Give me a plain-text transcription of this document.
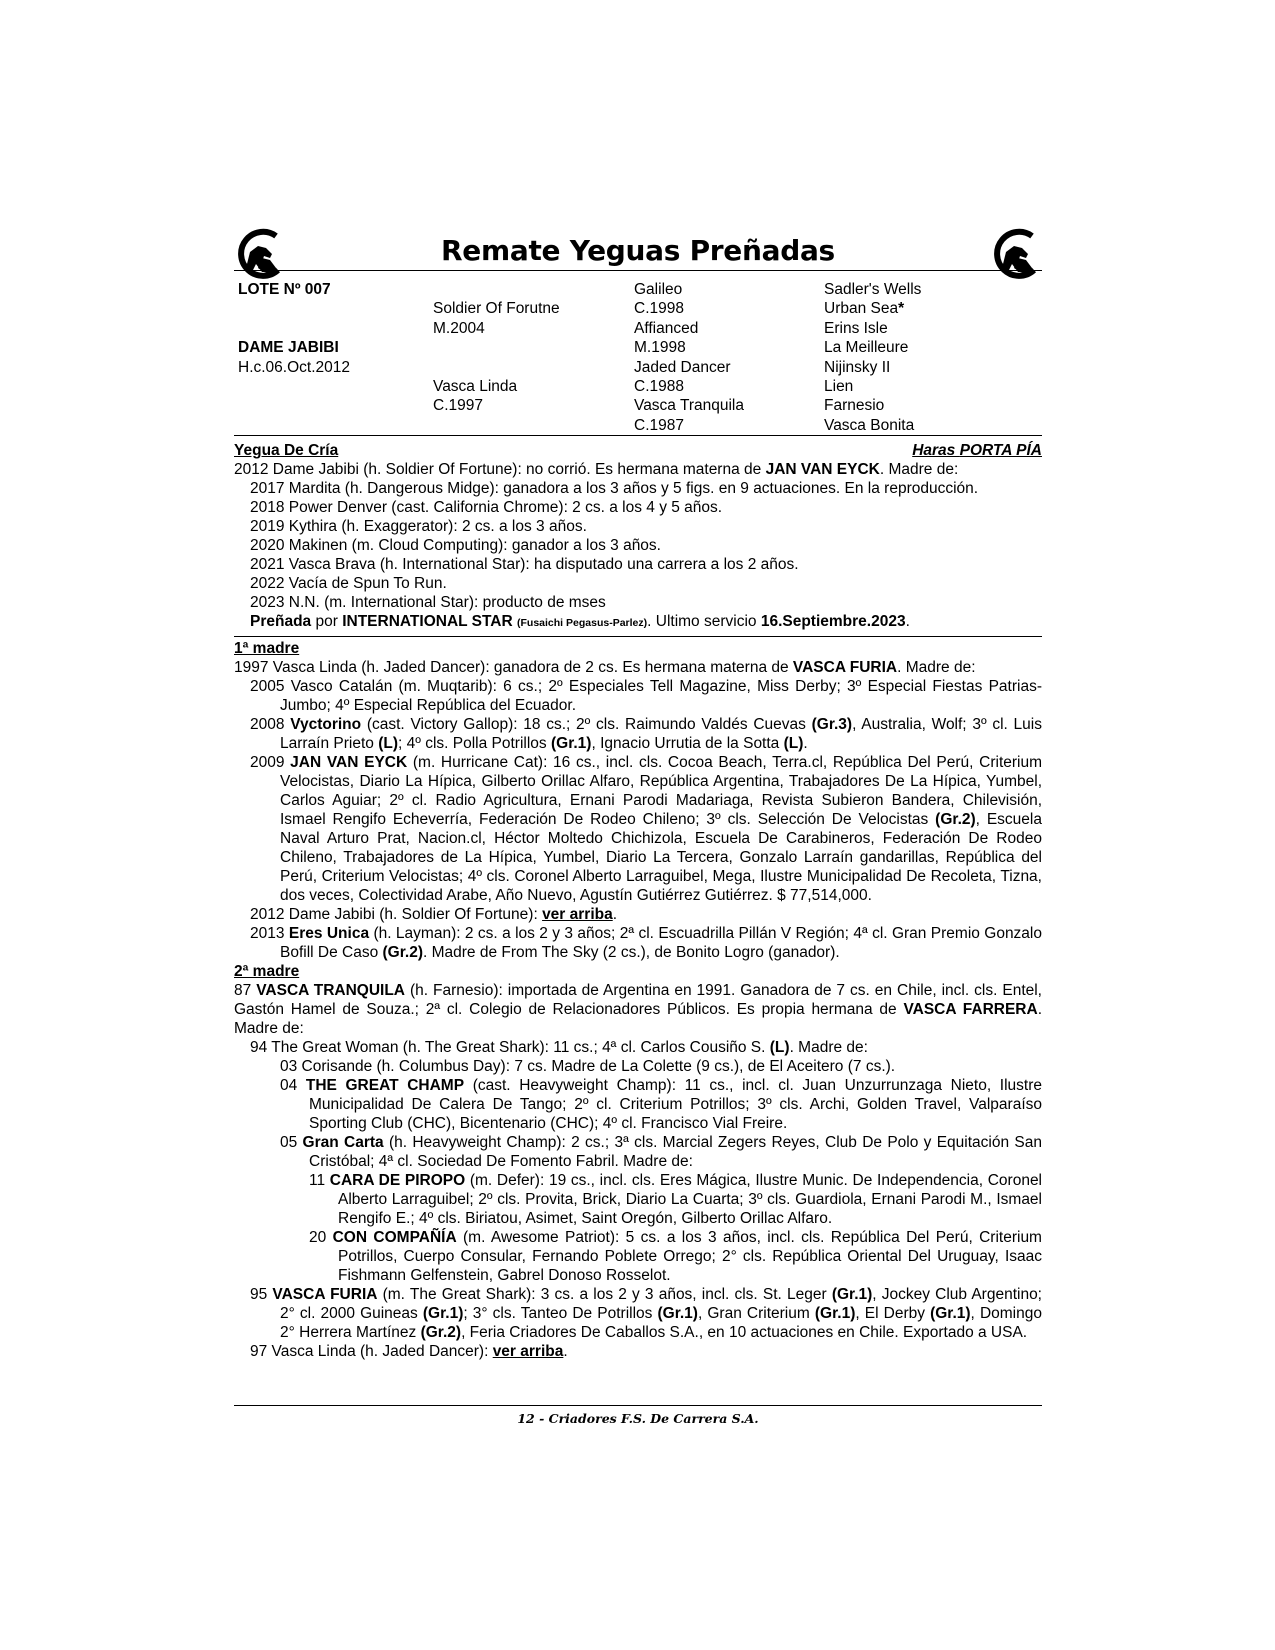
Remate Yeguas Preñadas
LOTE Nº 007
DAME JABIBI
H.c.06.Oct.2012
Soldier Of Forutne
M.2004
Vasca Linda
C.1997
Galileo
C.1998
Affianced
M.1998
Jaded Dancer
C.1988
Vasca Tranquila
C.1987
Sadler's Wells
Urban Sea*
Erins Isle
La Meilleure
Nijinsky II
Lien
Farnesio
Vasca Bonita
Yegua De Cría	Haras PORTA PÍA

2012 Dame Jabibi (h. Soldier Of Fortune): no corrió. Es hermana materna de JAN VAN EYCK. Madre de:

2017 Mardita (h. Dangerous Midge): ganadora a los 3 años y 5 figs. en 9 actuaciones. En la reproducción.

2018 Power Denver (cast. California Chrome): 2 cs. a los 4 y 5 años.

2019 Kythira (h. Exaggerator): 2 cs. a los 3 años.

2020 Makinen (m. Cloud Computing): ganador a los 3 años.

2021 Vasca Brava (h. International Star): ha disputado una carrera a los 2 años.

2022 Vacía de Spun To Run.

2023 N.N. (m. International Star): producto de mses

Preñada por INTERNATIONAL STAR (Fusaichi Pegasus-Parlez). Ultimo servicio 16.Septiembre.2023.

1ª madre

1997 Vasca Linda (h. Jaded Dancer): ganadora de 2 cs. Es hermana materna de VASCA FURIA. Madre de:

2005 Vasco Catalán (m. Muqtarib): 6 cs.; 2º Especiales Tell Magazine, Miss Derby; 3º Especial Fiestas Patrias-Jumbo; 4º Especial República del Ecuador.

2008 Vyctorino (cast. Victory Gallop): 18 cs.; 2º cls. Raimundo Valdés Cuevas (Gr.3), Australia, Wolf; 3º cl. Luis Larraín Prieto (L); 4º cls. Polla Potrillos (Gr.1), Ignacio Urrutia de la Sotta (L).

2009 JAN VAN EYCK (m. Hurricane Cat): 16 cs., incl. cls. Cocoa Beach, Terra.cl, República Del Perú, Criterium Velocistas, Diario La Hípica, Gilberto Orillac Alfaro, República Argentina, Trabajadores De La Hípica, Yumbel, Carlos Aguiar; 2º cl. Radio Agricultura, Ernani Parodi Madariaga, Revista Subieron Bandera, Chilevisión, Ismael Rengifo Echeverría, Federación De Rodeo Chileno; 3º cls. Selección De Velocistas (Gr.2), Escuela Naval Arturo Prat, Nacion.cl, Héctor Moltedo Chichizola, Escuela De Carabineros, Federación De Rodeo Chileno, Trabajadores de La Hípica, Yumbel, Diario La Tercera, Gonzalo Larraín gandarillas, República del Perú, Criterium Velocistas; 4º cls. Coronel Alberto Larraguibel, Mega, Ilustre Municipalidad De Recoleta, Tizna, dos veces, Colectividad Arabe, Año Nuevo, Agustín Gutiérrez Gutiérrez. $ 77,514,000.

2012 Dame Jabibi (h. Soldier Of Fortune): ver arriba.

2013 Eres Unica (h. Layman): 2 cs. a los 2 y 3 años; 2ª cl. Escuadrilla Pillán V Región; 4ª cl. Gran Premio Gonzalo Bofill De Caso (Gr.2). Madre de From The Sky (2 cs.), de Bonito Logro (ganador).

2ª madre

87 VASCA TRANQUILA (h. Farnesio): importada de Argentina en 1991. Ganadora de 7 cs. en Chile, incl. cls. Entel, Gastón Hamel de Souza.; 2ª cl. Colegio de Relacionadores Públicos. Es propia hermana de VASCA FARRERA. Madre de:

94 The Great Woman (h. The Great Shark): 11 cs.; 4ª cl. Carlos Cousiño S. (L). Madre de:

03 Corisande (h. Columbus Day): 7 cs. Madre de La Colette (9 cs.), de El Aceitero (7 cs.).

04 THE GREAT CHAMP (cast. Heavyweight Champ): 11 cs., incl. cl. Juan Unzurrunzaga Nieto, Ilustre Municipalidad De Calera De Tango; 2º cl. Criterium Potrillos; 3º cls. Archi, Golden Travel, Valparaíso Sporting Club (CHC), Bicentenario (CHC); 4º cl. Francisco Vial Freire.

05 Gran Carta (h. Heavyweight Champ): 2 cs.; 3ª cls. Marcial Zegers Reyes, Club De Polo y Equitación San Cristóbal; 4ª cl. Sociedad De Fomento Fabril. Madre de:

11 CARA DE PIROPO (m. Defer): 19 cs., incl. cls. Eres Mágica, Ilustre Munic. De Independencia, Coronel Alberto Larraguibel; 2º cls. Provita, Brick, Diario La Cuarta; 3º cls. Guardiola, Ernani Parodi M., Ismael Rengifo E.; 4º cls. Biriatou, Asimet, Saint Oregón, Gilberto Orillac Alfaro.

20 CON COMPAÑÍA (m. Awesome Patriot): 5 cs. a los 3 años, incl. cls. República Del Perú, Criterium Potrillos, Cuerpo Consular, Fernando Poblete Orrego; 2° cls. República Oriental Del Uruguay, Isaac Fishmann Gelfenstein, Gabrel Donoso Rosselot.

95 VASCA FURIA (m. The Great Shark): 3 cs. a los 2 y 3 años, incl. cls. St. Leger (Gr.1), Jockey Club Argentino; 2° cl. 2000 Guineas (Gr.1); 3° cls. Tanteo De Potrillos (Gr.1), Gran Criterium (Gr.1), El Derby (Gr.1), Domingo 2° Herrera Martínez (Gr.2), Feria Criadores De Caballos S.A., en 10 actuaciones en Chile. Exportado a USA.

97 Vasca Linda (h. Jaded Dancer): ver arriba.

12 - Criadores F.S. De Carrera S.A.
